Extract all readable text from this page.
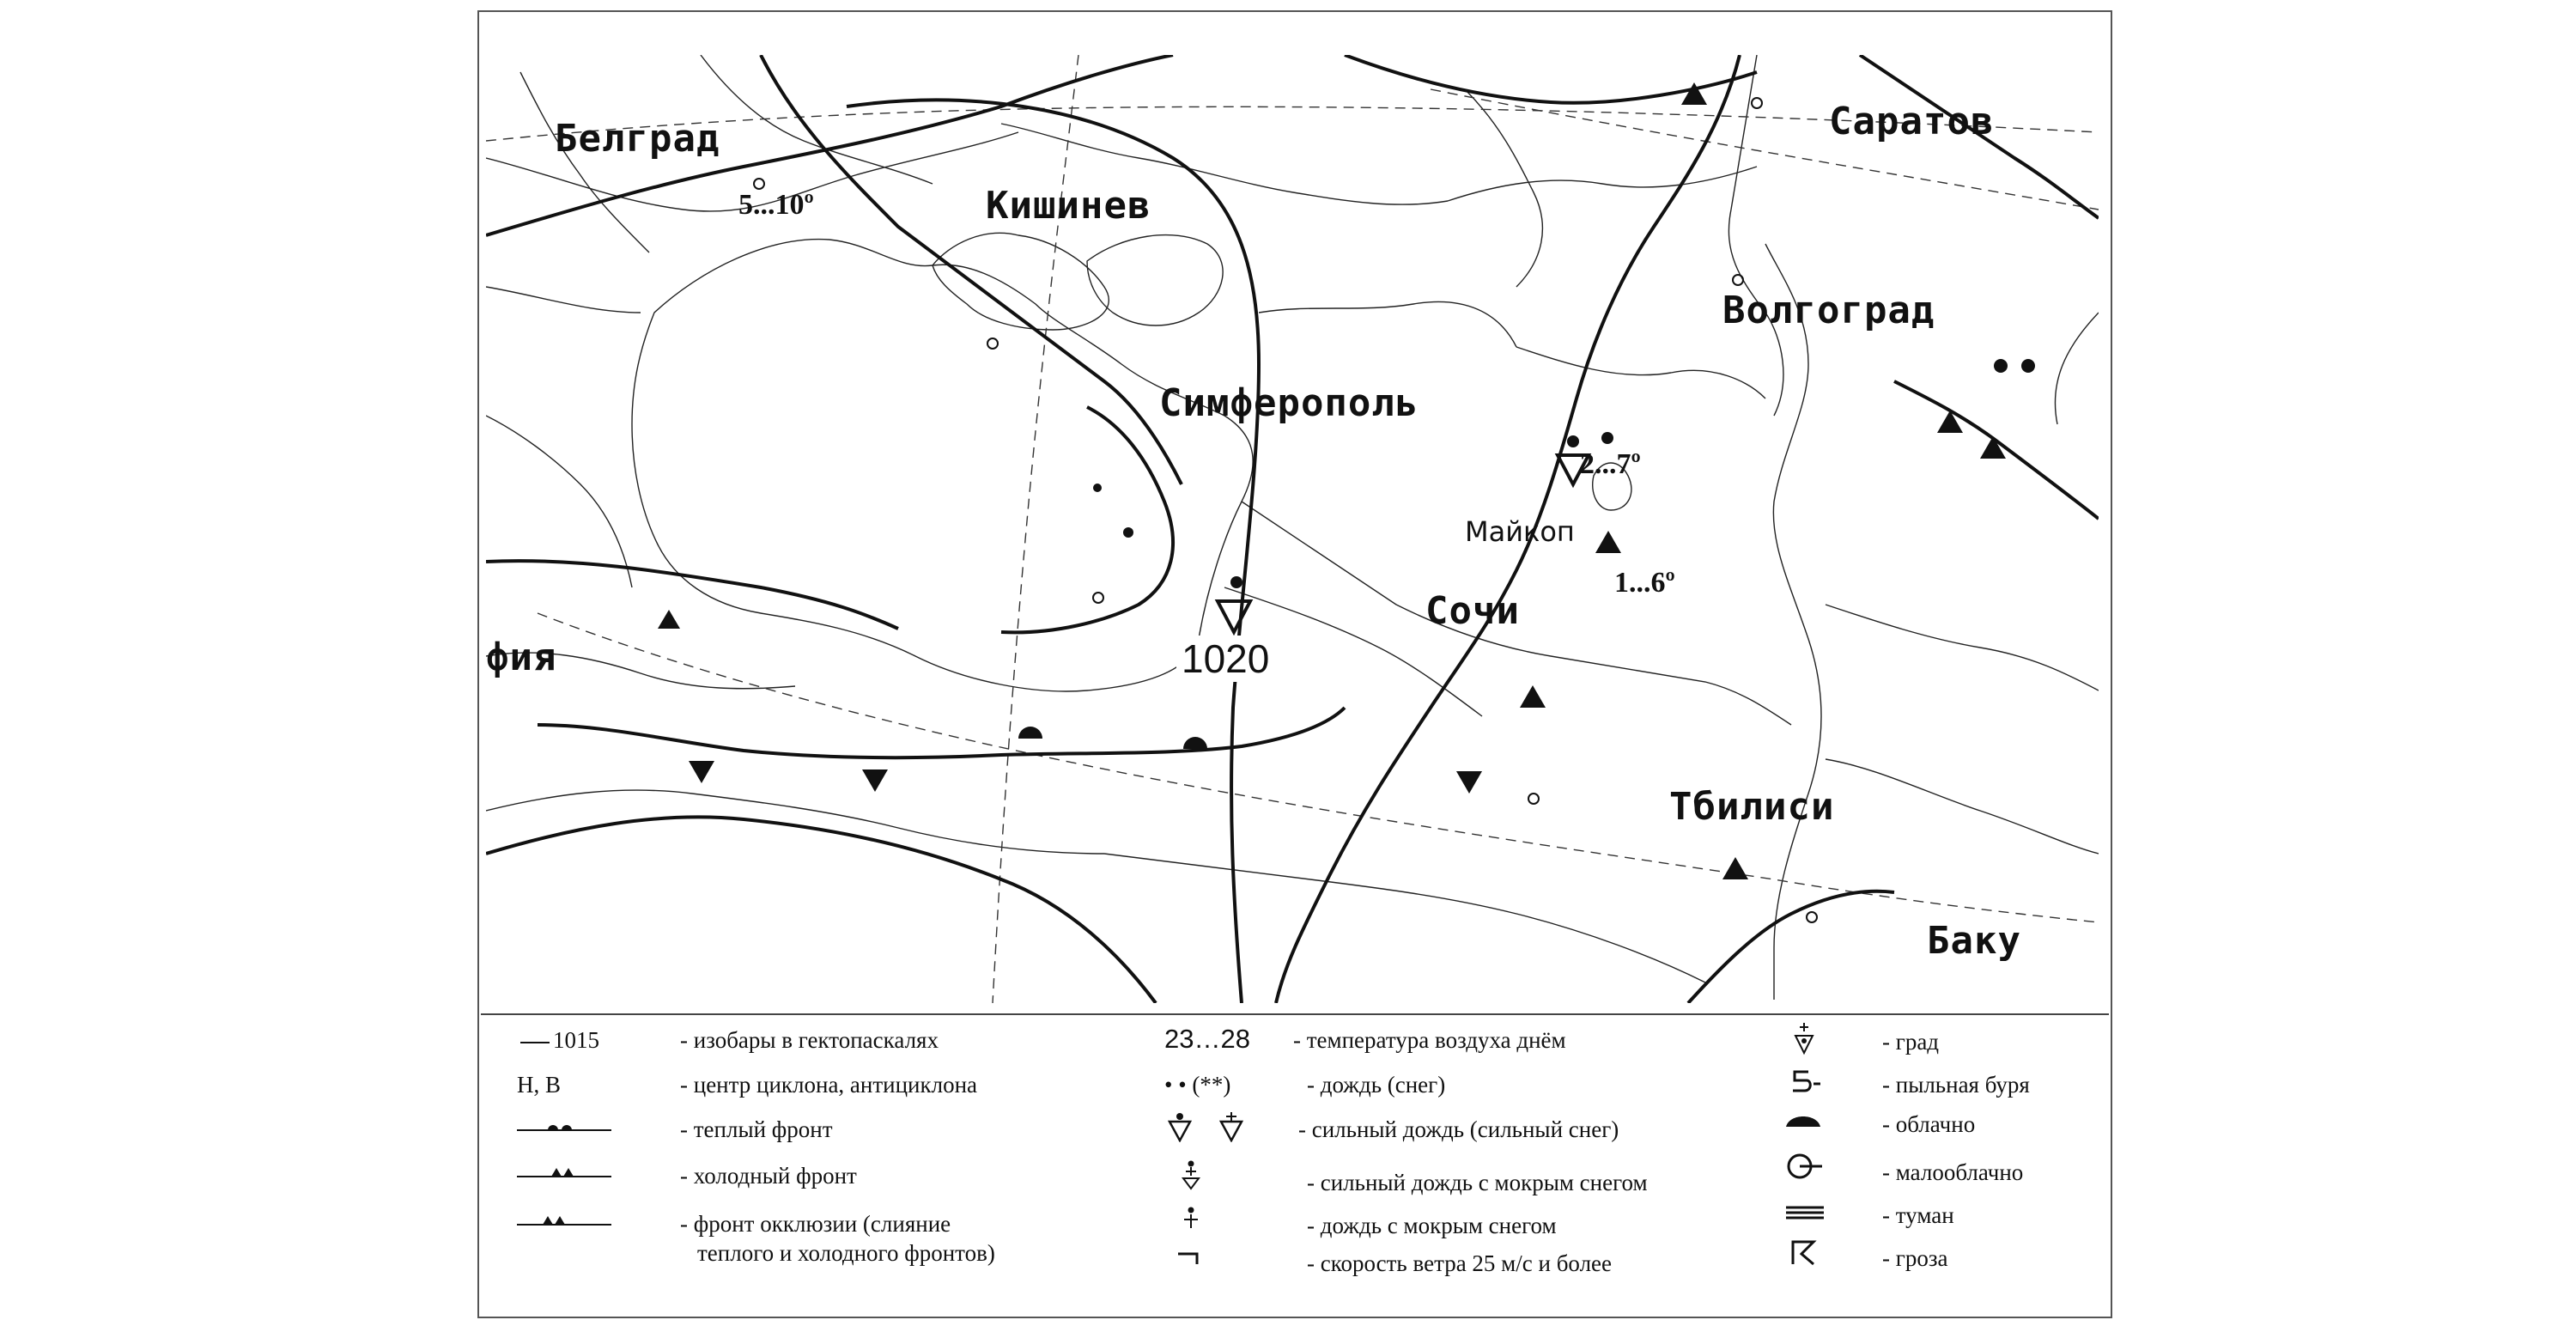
Белград
Кишинев
Симферополь
Саратов
Волгоград
Майкоп
Сочи
Тбилиси
Баку
фия
5...10º
2...7º
1...6º
1020
1015	- изобары в гектопаскалях
Н, В	- центр циклона, антициклона
- теплый фронт
- холодный фронт
- фронт окклюзии (слияние
теплого и холодного фронтов)
23…28 - температура воздуха днём
• • (**)	- дождь (снег)
- сильный дождь (сильный снег)
- сильный дождь с мокрым снегом
- дождь с мокрым снегом
- скорость ветра 25 м/с и более
- град
- пыльная буря
- облачно
- малооблачно
- туман
- гроза
